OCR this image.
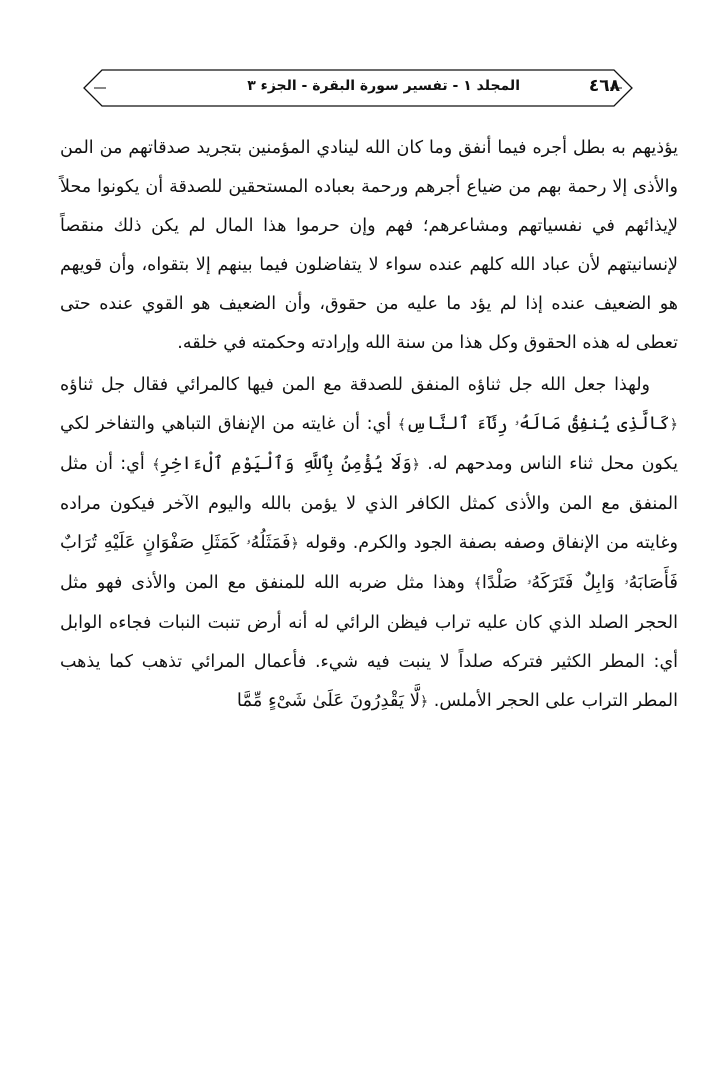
٤٦٨
المجلد ١ - تفسير سورة البقرة - الجزء ٣

يؤذيهم به بطل أجره فيما أنفق وما كان الله لينادي المؤمنين بتجريد صدقاتهم من المن والأذى إلا رحمة بهم من ضياع أجرهم ورحمة بعباده المستحقين للصدقة أن يكونوا محلاً لإيذائهم في نفسياتهم ومشاعرهم؛ فهم وإن حرموا هذا المال لم يكن ذلك منقصاً لإنسانيتهم لأن عباد الله كلهم عنده سواء لا يتفاضلون فيما بينهم إلا بتقواه، وأن قويهم هو الضعيف عنده إذا لم يؤد ما عليه من حقوق، وأن الضعيف هو القوي عنده حتى تعطى له هذه الحقوق وكل هذا من سنة الله وإرادته وحكمته في خلقه.

ولهذا جعل الله جل ثناؤه المنفق للصدقة مع المن فيها كالمرائي فقال جل ثناؤه ﴿كَالَّذِى يُنفِقُ مَالَهُۥ رِئَآءَ ٱلنَّاسِ﴾ أي: أن غايته من الإنفاق التباهي والتفاخر لكي يكون محل ثناء الناس ومدحهم له. ﴿وَلَا يُؤْمِنُ بِٱللَّهِ وَٱلْيَوْمِ ٱلْءَاخِرِ﴾ أي: أن مثل المنفق مع المن والأذى كمثل الكافر الذي لا يؤمن بالله واليوم الآخر فيكون مراده وغايته من الإنفاق وصفه بصفة الجود والكرم. وقوله ﴿فَمَثَلُهُۥ كَمَثَلِ صَفْوَانٍ عَلَيْهِ تُرَابٌ فَأَصَابَهُۥ وَابِلٌ فَتَرَكَهُۥ صَلْدًا﴾ وهذا مثل ضربه الله للمنفق مع المن والأذى فهو مثل الحجر الصلد الذي كان عليه تراب فيظن الرائي له أنه أرض تنبت النبات فجاءه الوابل أي: المطر الكثير فتركه صلداً لا ينبت فيه شيء. فأعمال المرائي تذهب كما يذهب المطر التراب على الحجر الأملس. ﴿لَّا يَقْدِرُونَ عَلَىٰ شَىْءٍ مِّمَّا
